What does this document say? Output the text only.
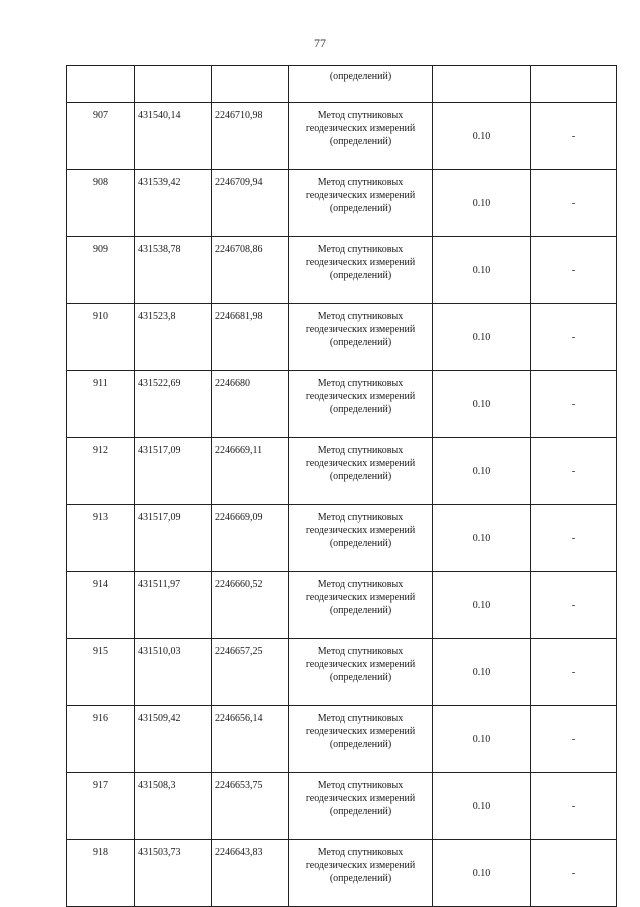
77
			(определений)		
907	431540,14	2246710,98	Метод спутниковых
геодезических измерений
(определений)	0.10	-
908	431539,42	2246709,94	Метод спутниковых
геодезических измерений
(определений)	0.10	-
909	431538,78	2246708,86	Метод спутниковых
геодезических измерений
(определений)	0.10	-
910	431523,8	2246681,98	Метод спутниковых
геодезических измерений
(определений)	0.10	-
911	431522,69	2246680	Метод спутниковых
геодезических измерений
(определений)	0.10	-
912	431517,09	2246669,11	Метод спутниковых
геодезических измерений
(определений)	0.10	-
913	431517,09	2246669,09	Метод спутниковых
геодезических измерений
(определений)	0.10	-
914	431511,97	2246660,52	Метод спутниковых
геодезических измерений
(определений)	0.10	-
915	431510,03	2246657,25	Метод спутниковых
геодезических измерений
(определений)	0.10	-
916	431509,42	2246656,14	Метод спутниковых
геодезических измерений
(определений)	0.10	-
917	431508,3	2246653,75	Метод спутниковых
геодезических измерений
(определений)	0.10	-
918	431503,73	2246643,83	Метод спутниковых
геодезических измерений
(определений)	0.10	-
